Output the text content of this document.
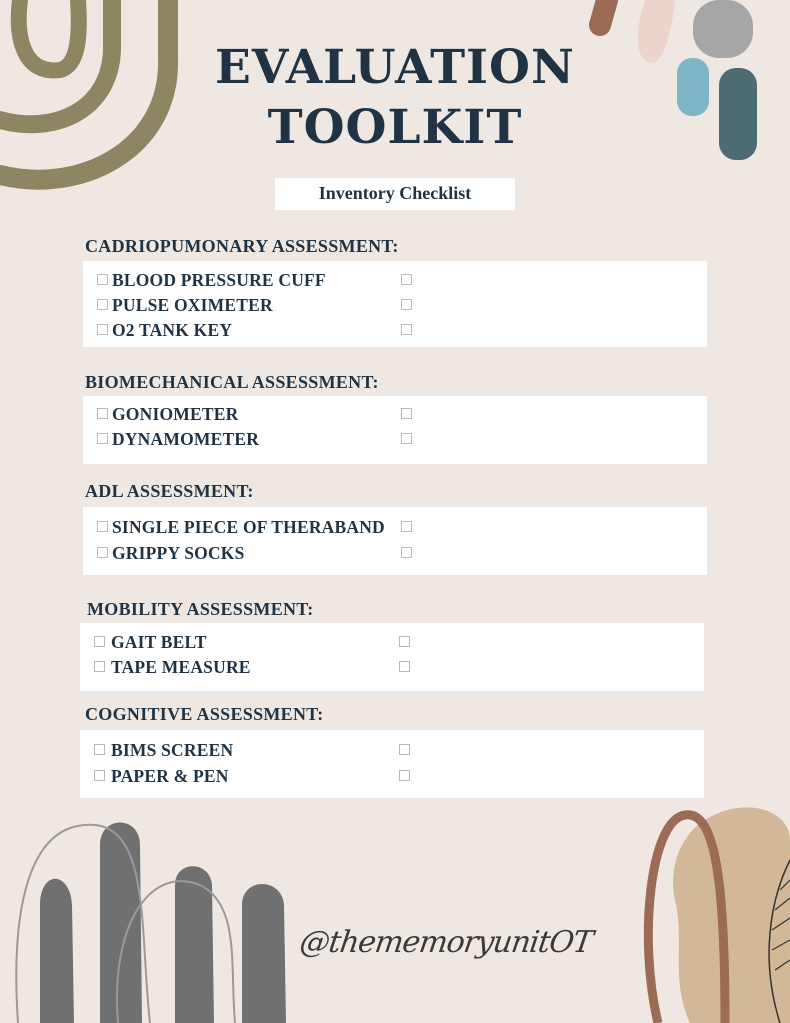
EVALUATION
TOOLKIT
Inventory Checklist
CADRIOPUMONARY ASSESSMENT:
BLOOD PRESSURE CUFF
PULSE OXIMETER
O2 TANK KEY
BIOMECHANICAL ASSESSMENT:
GONIOMETER
DYNAMOMETER
ADL ASSESSMENT:
SINGLE PIECE OF THERABAND
GRIPPY SOCKS
MOBILITY ASSESSMENT:
GAIT BELT
TAPE MEASURE
COGNITIVE ASSESSMENT:
BIMS SCREEN
PAPER & PEN
@thememoryunitOT
